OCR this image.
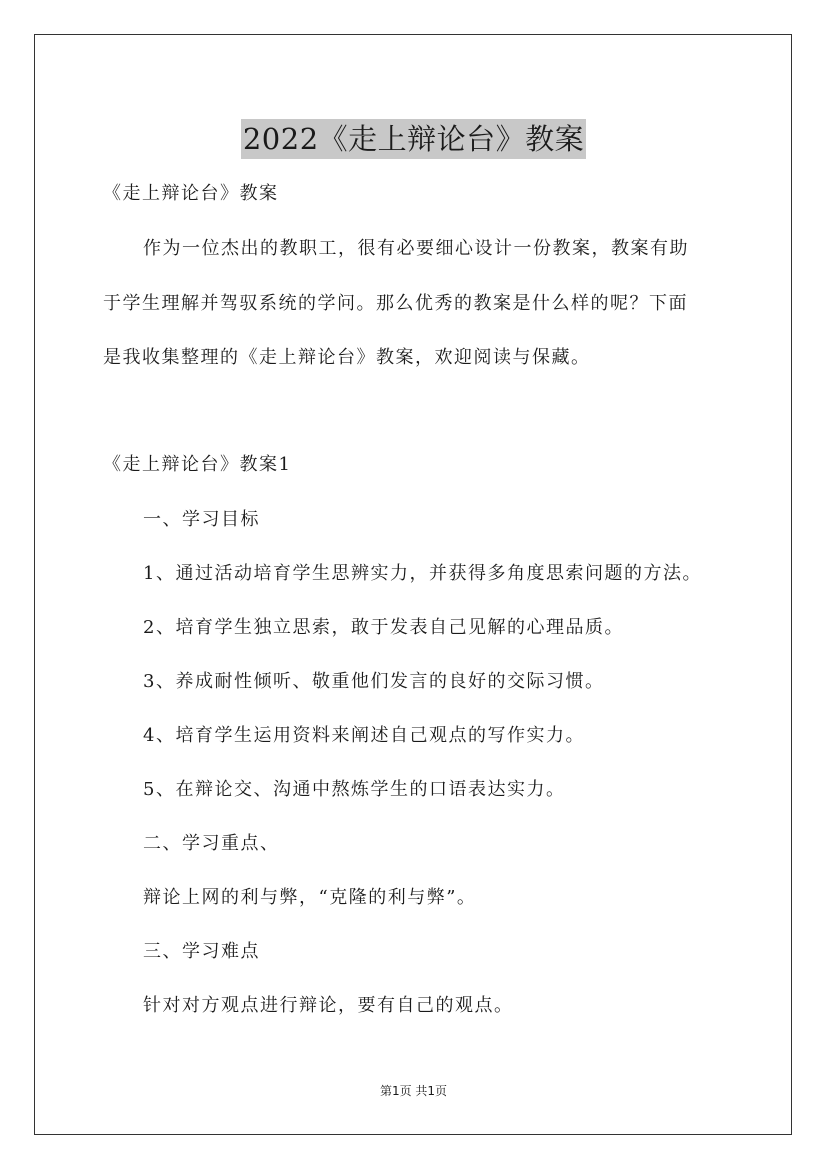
2022《走上辩论台》教案
《走上辩论台》教案
作为一位杰出的教职工，很有必要细心设计一份教案，教案有助
于学生理解并驾驭系统的学问。那么优秀的教案是什么样的呢？下面
是我收集整理的《走上辩论台》教案，欢迎阅读与保藏。
《走上辩论台》教案1
一、学习目标
1、通过活动培育学生思辨实力，并获得多角度思索问题的方法。
2、培育学生独立思索，敢于发表自己见解的心理品质。
3、养成耐性倾听、敬重他们发言的良好的交际习惯。
4、培育学生运用资料来阐述自己观点的写作实力。
5、在辩论交、沟通中熬炼学生的口语表达实力。
二、学习重点、
辩论上网的利与弊，“克隆的利与弊”。
三、学习难点
针对对方观点进行辩论，要有自己的观点。
第1页 共1页
